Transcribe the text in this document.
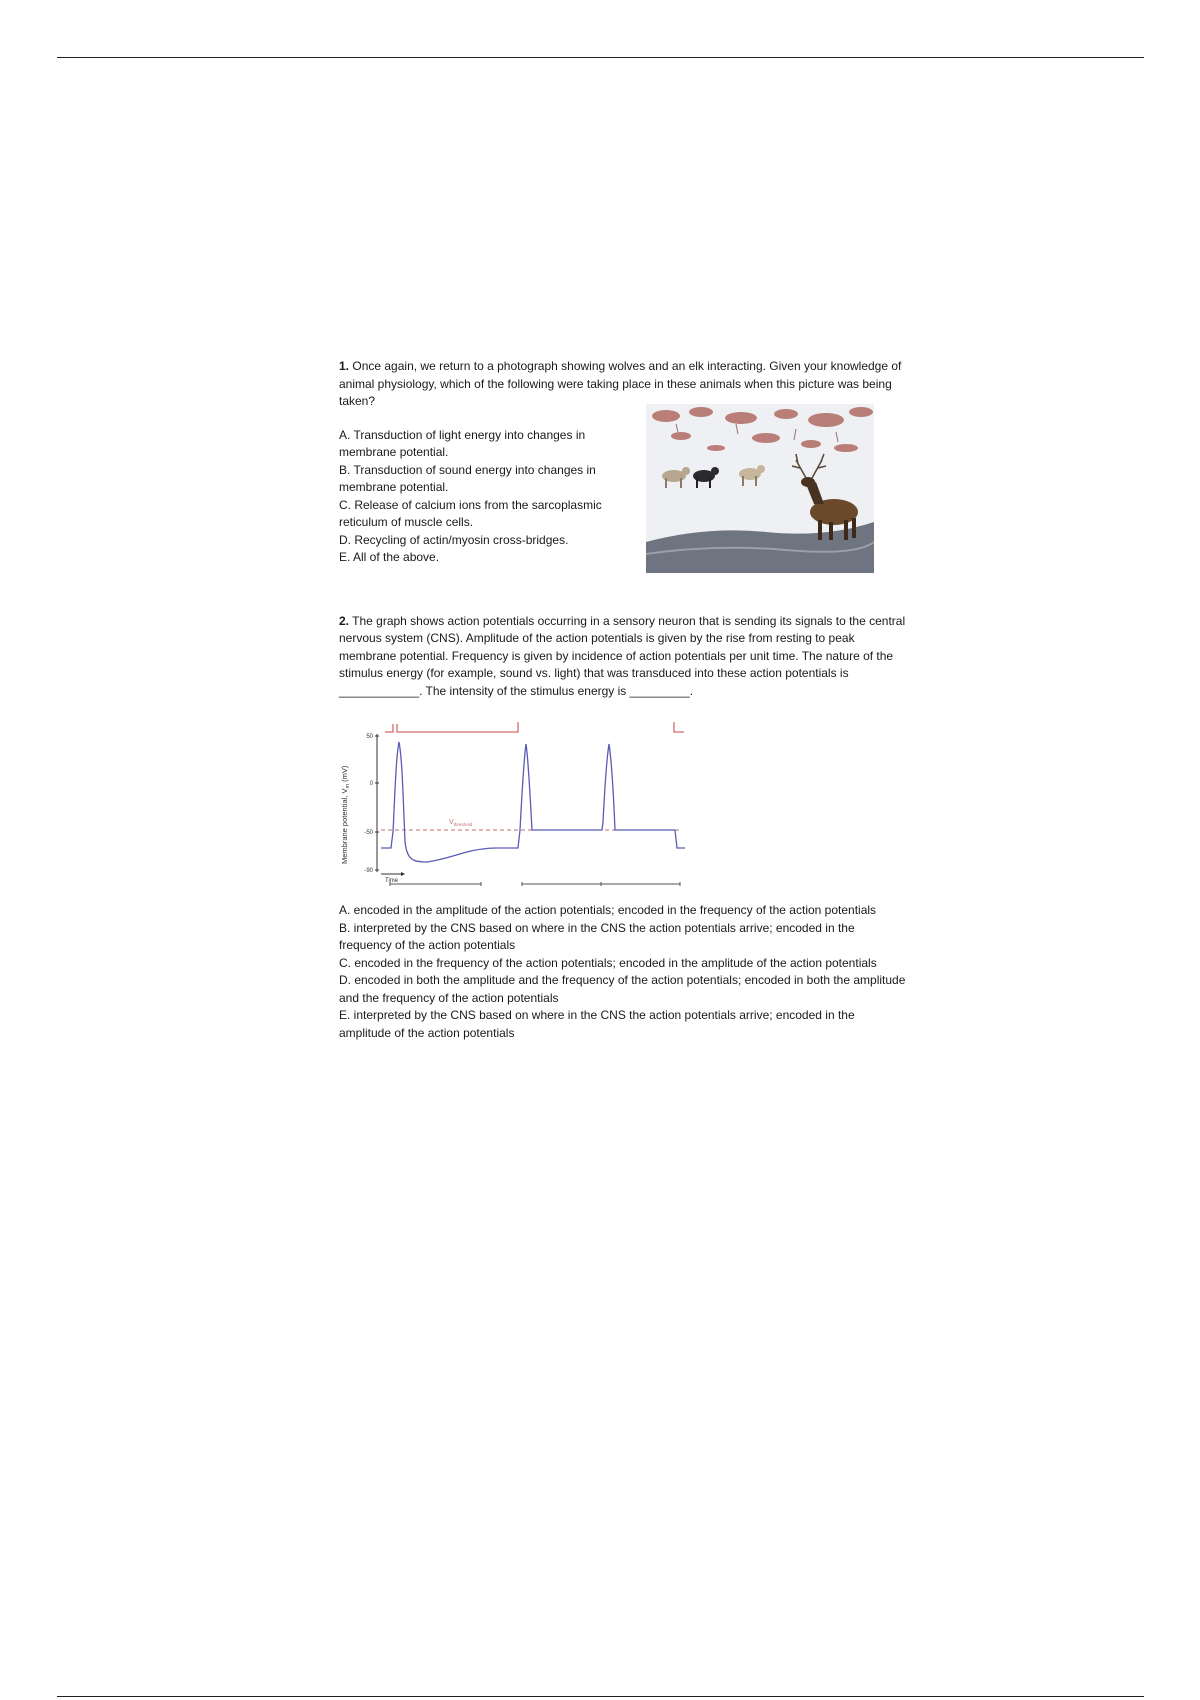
1. Once again, we return to a photograph showing wolves and an elk interacting. Given your knowledge of animal physiology, which of the following were taking place in these animals when this picture was being taken?
A. Transduction of light energy into changes in membrane potential.
B. Transduction of sound energy into changes in membrane potential.
C. Release of calcium ions from the sarcoplasmic reticulum of muscle cells.
D. Recycling of actin/myosin cross-bridges.
E. All of the above.
2. The graph shows action potentials occurring in a sensory neuron that is sending its signals to the central nervous system (CNS). Amplitude of the action potentials is given by the rise from resting to peak membrane potential. Frequency is given by incidence of action potentials per unit time. The nature of the stimulus energy (for example, sound vs. light) that was transduced into these action potentials is ____________. The intensity of the stimulus energy is _________.
Membrane potential, $V_m$ (mV)
50
0
-50
-90
$V_{threshold}$
Time
A. encoded in the amplitude of the action potentials; encoded in the frequency of the action potentials
B. interpreted by the CNS based on where in the CNS the action potentials arrive; encoded in the frequency of the action potentials
C. encoded in the frequency of the action potentials; encoded in the amplitude of the action potentials
D. encoded in both the amplitude and the frequency of the action potentials; encoded in both the amplitude and the frequency of the action potentials
E. interpreted by the CNS based on where in the CNS the action potentials arrive; encoded in the amplitude of the action potentials
